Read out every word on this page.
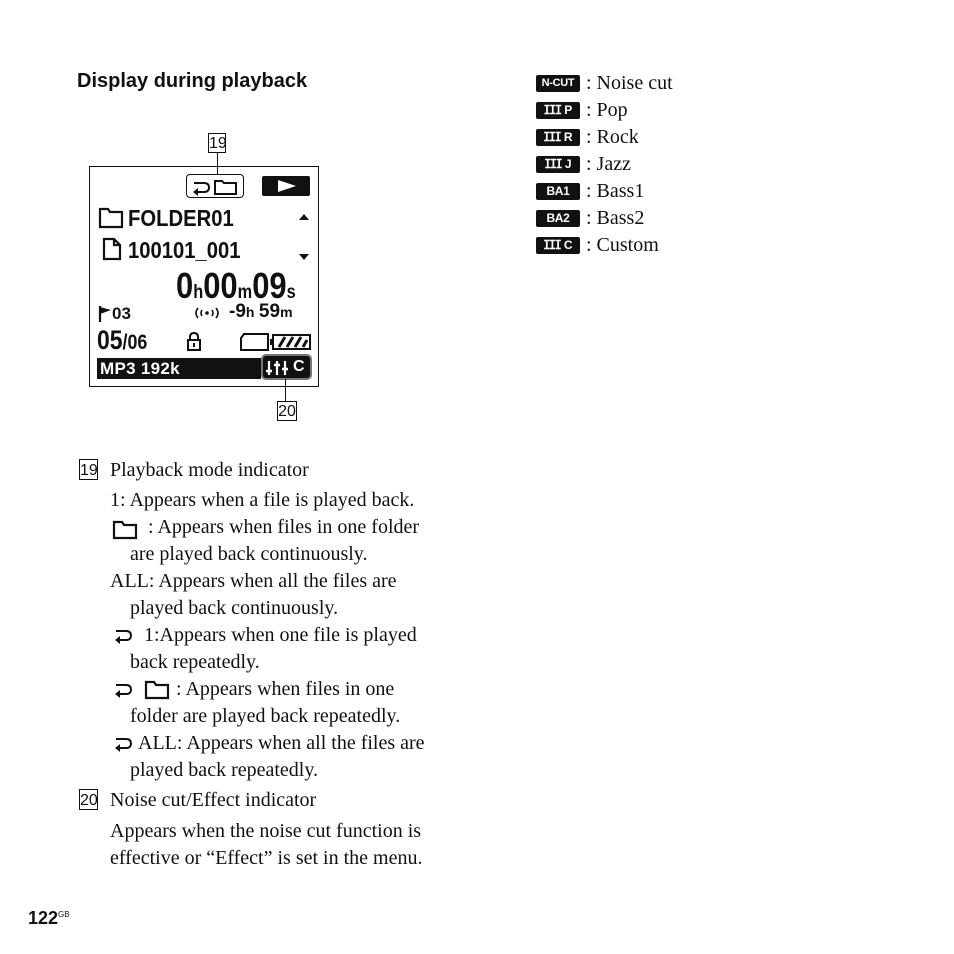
Display during playback
19
FOLDER01
100101_001
0h00m09s
03	-9h 59m
05/06
MP3 192k	C
20
N-CUT : Noise cut
ⵊⵊⵊ P : Pop
ⵊⵊⵊ R : Rock
ⵊⵊⵊ J : Jazz
BA1 : Bass1
BA2 : Bass2
ⵊⵊⵊ C : Custom
19 Playback mode indicator
1: Appears when a file is played back.
: Appears when files in one folder
are played back continuously.
ALL: Appears when all the files are
played back continuously.
1:Appears when one file is played
back repeatedly.
: Appears when files in one
folder are played back repeatedly.
ALL: Appears when all the files are
played back repeatedly.
20 Noise cut/Effect indicator
Appears when the noise cut function is
effective or “Effect” is set in the menu.
$122^{GB}$
